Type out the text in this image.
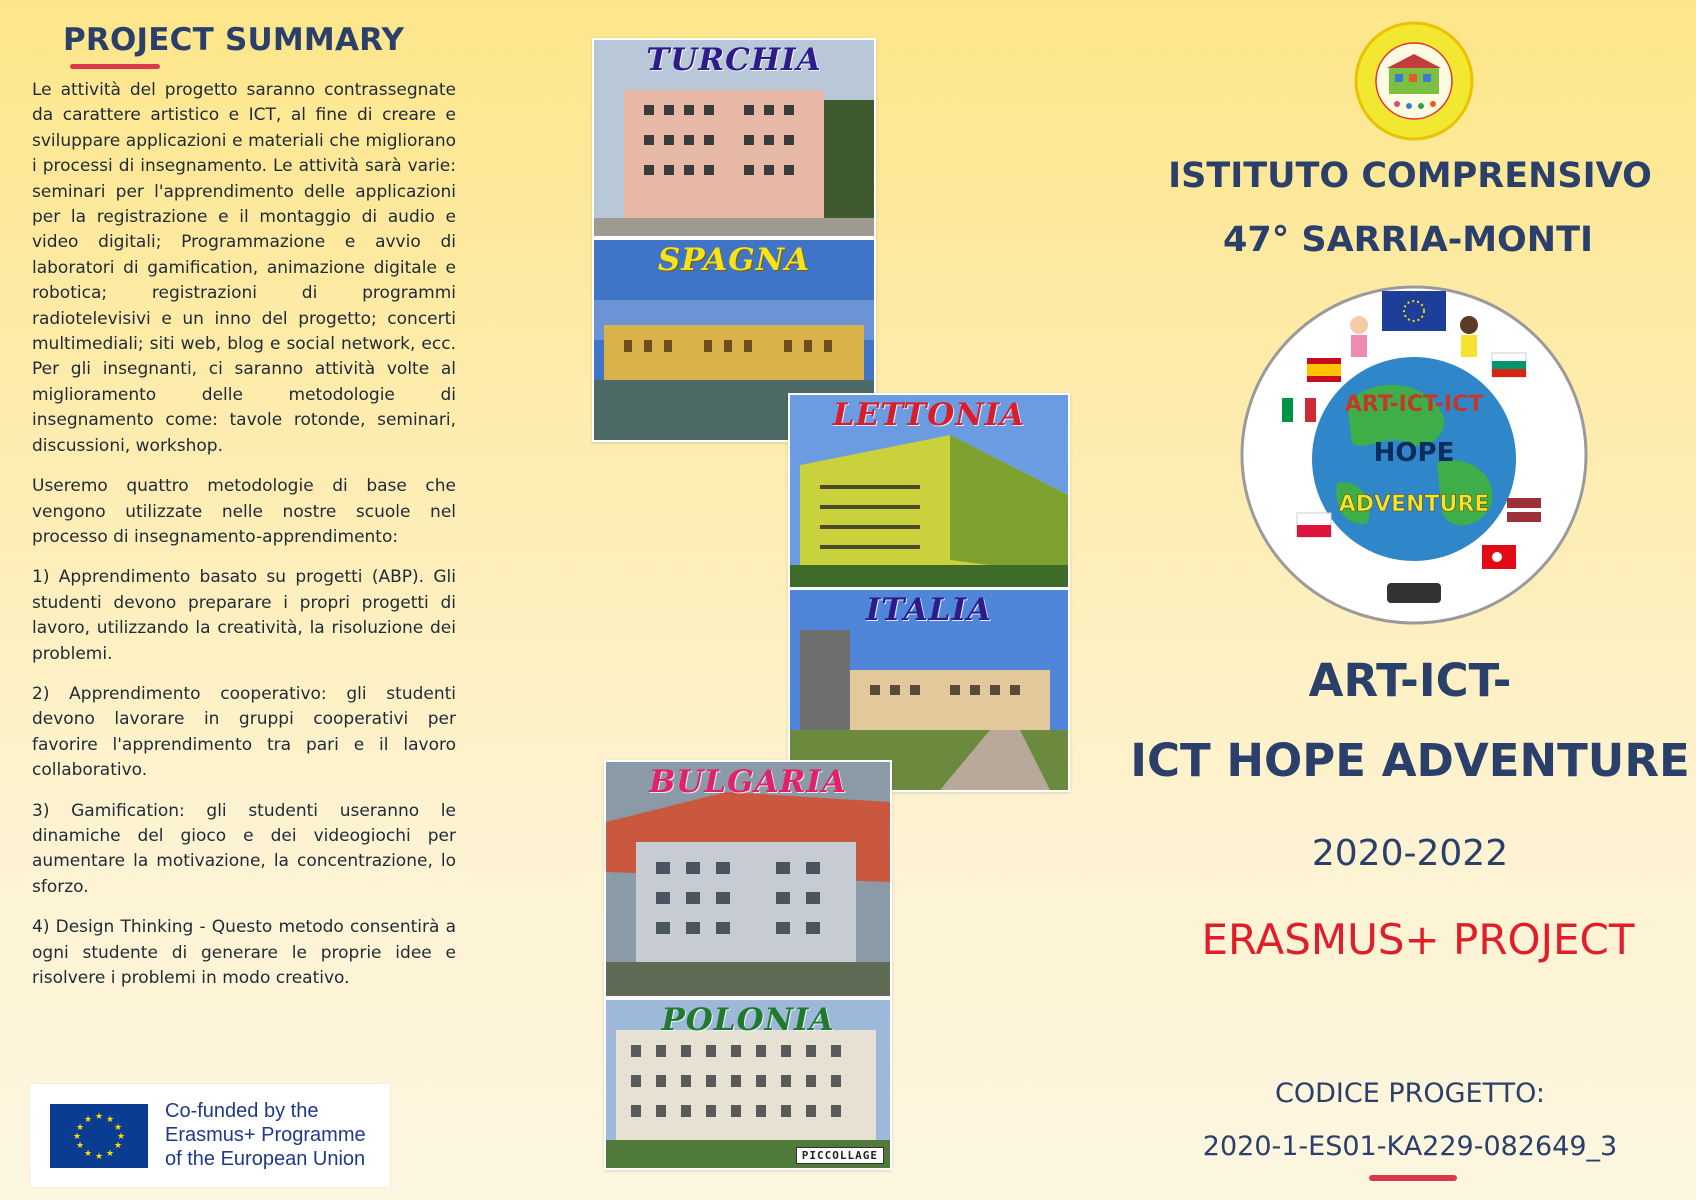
PROJECT SUMMARY

Le attività del progetto saranno contrassegnate da carattere artistico e ICT, al fine di creare e sviluppare applicazioni e materiali che migliorano i processi di insegnamento. Le attività sarà varie: seminari per l'apprendimento delle applicazioni per la registrazione e il montaggio di audio e video digitali; Programmazione e avvio di laboratori di gamification, animazione digitale e robotica; registrazioni di programmi radiotelevisivi e un inno del progetto; concerti multimediali; siti web, blog e social network, ecc. Per gli insegnanti, ci saranno attività volte al miglioramento delle metodologie di insegnamento come: tavole rotonde, seminari, discussioni, workshop.

Useremo quattro metodologie di base che vengono utilizzate nelle nostre scuole nel processo di insegnamento-apprendimento:

1) Apprendimento basato su progetti (ABP). Gli studenti devono preparare i propri progetti di lavoro, utilizzando la creatività, la risoluzione dei problemi.

2) Apprendimento cooperativo: gli studenti devono lavorare in gruppi cooperativi per favorire l'apprendimento tra pari e il lavoro collaborativo.

3) Gamification: gli studenti useranno le dinamiche del gioco e dei videogiochi per aumentare la motivazione, la concentrazione, lo sforzo.

4) Design Thinking - Questo metodo consentirà a ogni studente di generare le proprie idee e risolvere i problemi in modo creativo.

★ ★
★
★
★
★
★
★
★
★
★
★	Co-funded by the
Erasmus+ Programme
of the European Union
TURCHIA
SPAGNA
LETTONIA
ITALIA
BULGARIA
POLONIA
PICCOLLAGE
ISTITUTO COMPRENSIVO
47° SARRIA-MONTI
ART-ICT-ICT
HOPE
ADVENTURE
ART-ICT-
ICT HOPE ADVENTURE
2020-2022
ERASMUS+ PROJECT
CODICE PROGETTO:
2020-1-ES01-KA229-082649_3
